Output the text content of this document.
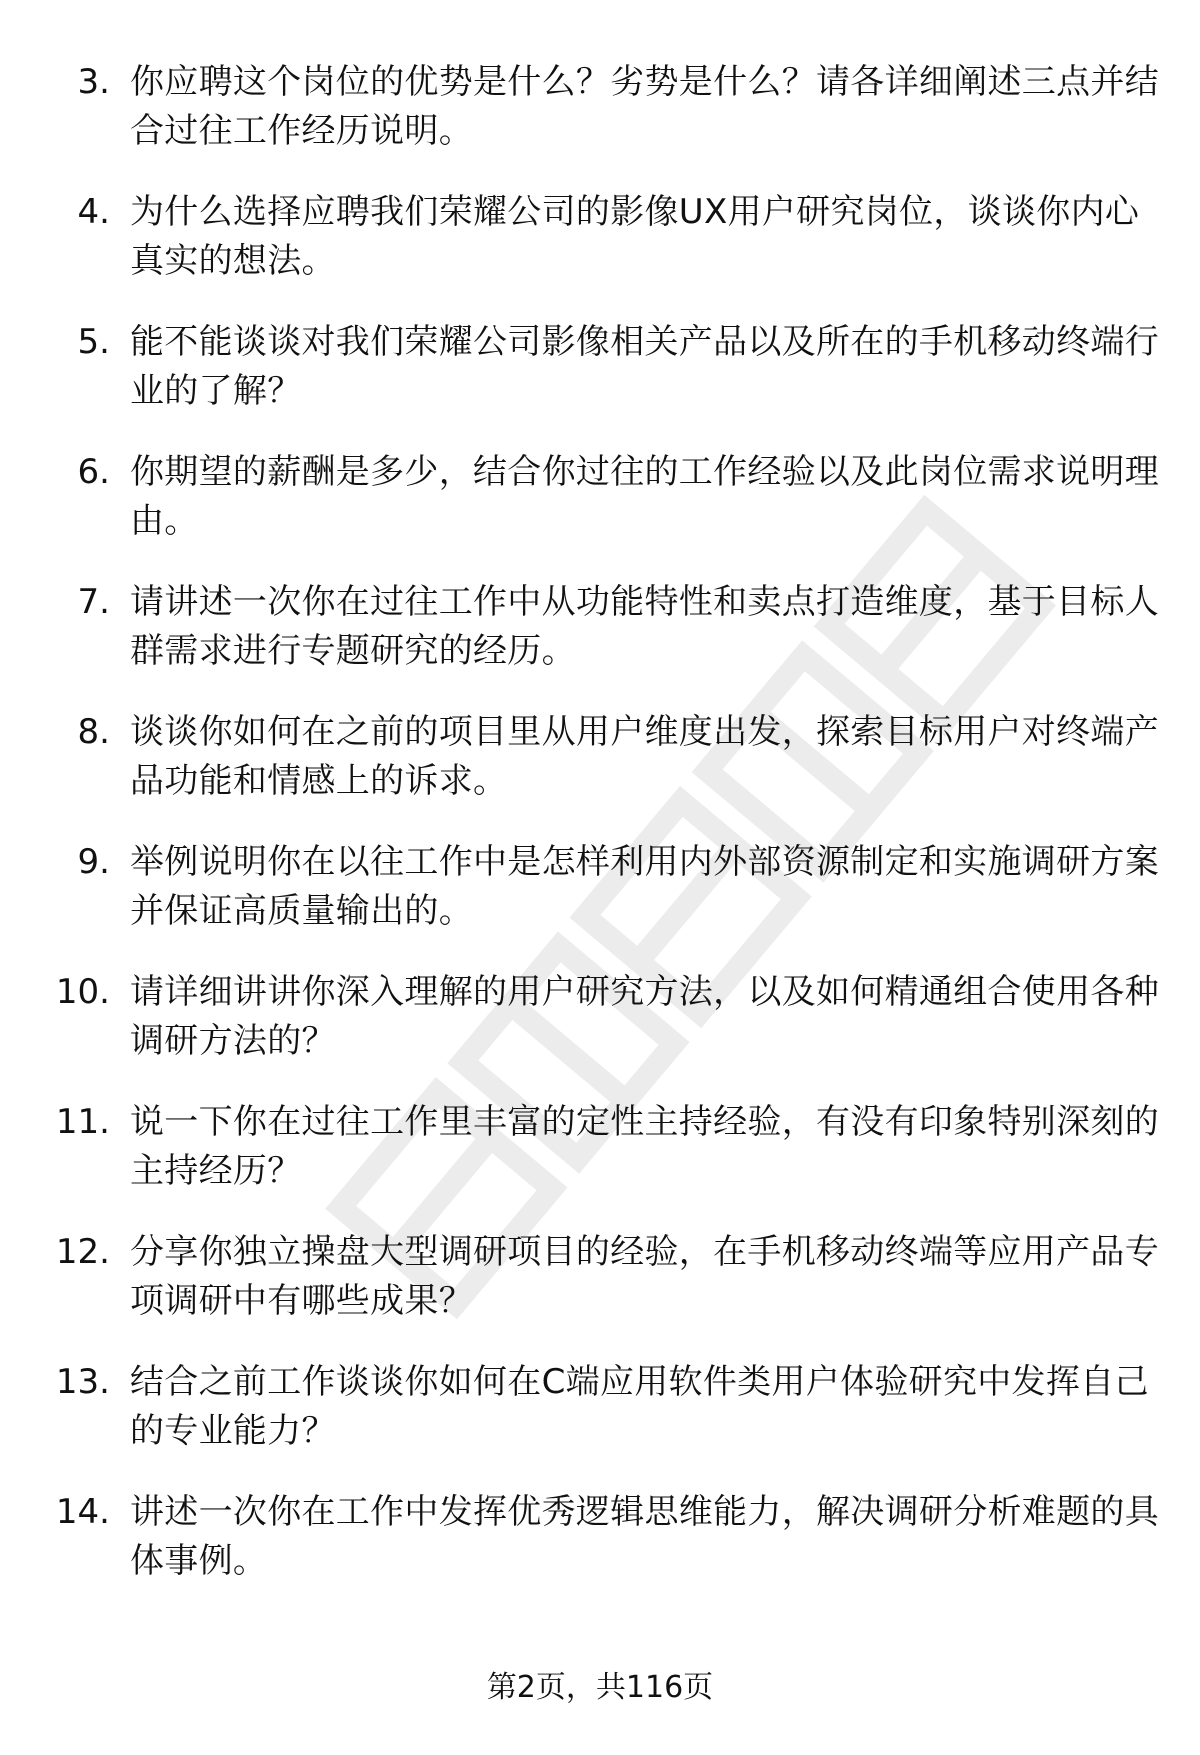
3. 你应聘这个岗位的优势是什么？劣势是什么？请各详细阐述三点并结合过往工作经历说明。
4. 为什么选择应聘我们荣耀公司的影像UX用户研究岗位，谈谈你内心真实的想法。
5. 能不能谈谈对我们荣耀公司影像相关产品以及所在的手机移动终端行业的了解？
6. 你期望的薪酬是多少，结合你过往的工作经验以及此岗位需求说明理由。
7. 请讲述一次你在过往工作中从功能特性和卖点打造维度，基于目标人群需求进行专题研究的经历。
8. 谈谈你如何在之前的项目里从用户维度出发，探索目标用户对终端产品功能和情感上的诉求。
9. 举例说明你在以往工作中是怎样利用内外部资源制定和实施调研方案并保证高质量输出的。
10. 请详细讲讲你深入理解的用户研究方法，以及如何精通组合使用各种调研方法的？
11. 说一下你在过往工作里丰富的定性主持经验，有没有印象特别深刻的主持经历？
12. 分享你独立操盘大型调研项目的经验，在手机移动终端等应用产品专项调研中有哪些成果？
13. 结合之前工作谈谈你如何在C端应用软件类用户体验研究中发挥自己的专业能力？
14. 讲述一次你在工作中发挥优秀逻辑思维能力，解决调研分析难题的具体事例。
第2页，共116页
